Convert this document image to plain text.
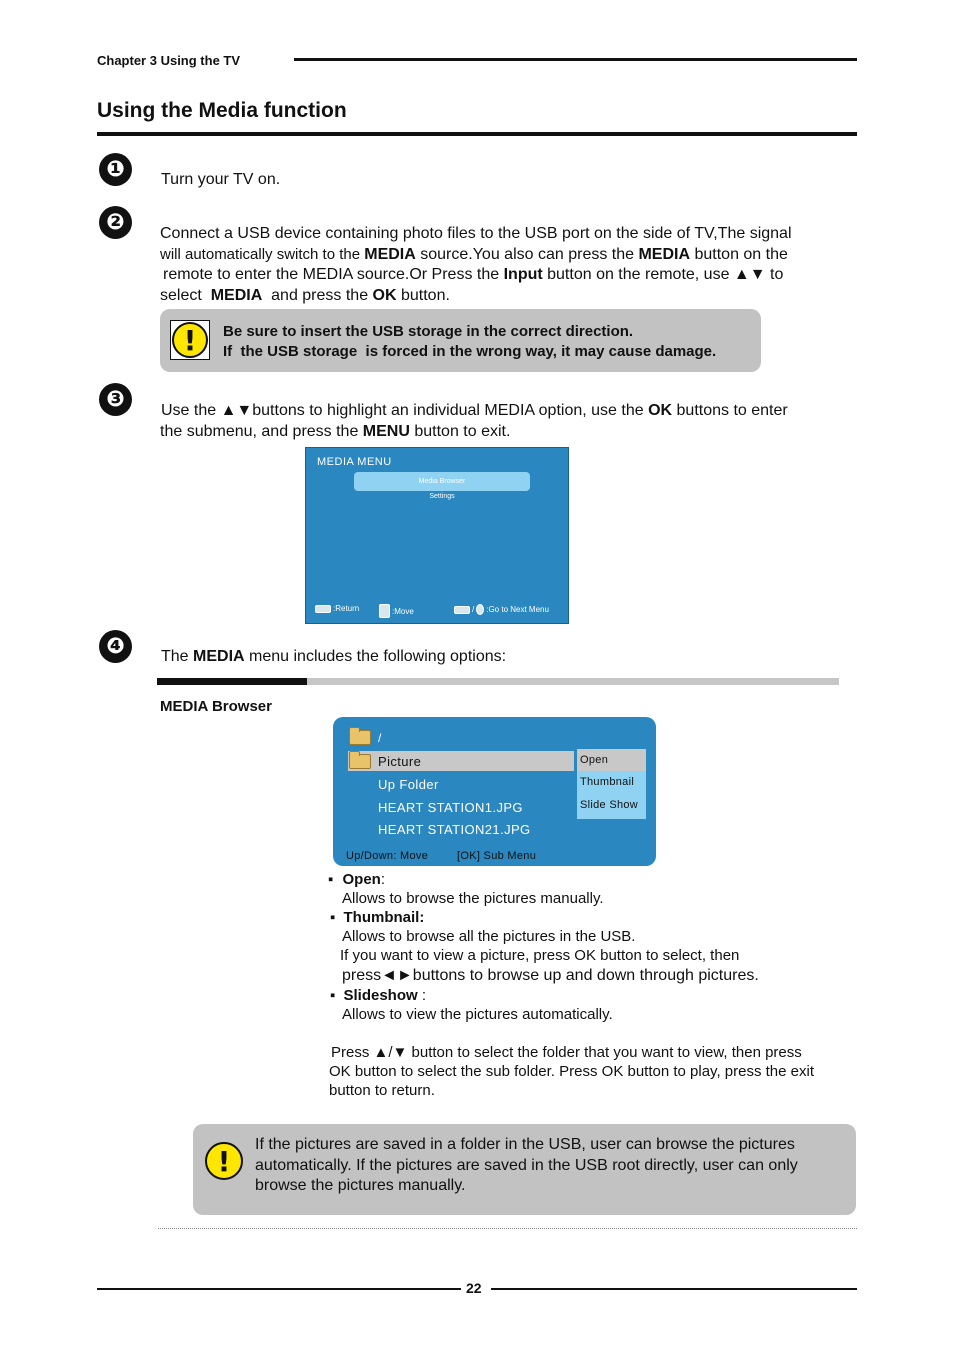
Chapter 3 Using the TV
Using the Media function
❶	Turn your TV on.
❷	Connect a USB device containing photo files to the USB port on the side of TV,The signal
will automatically switch to the MEDIA source.You also can press the MEDIA button on the
remote to enter the MEDIA source.Or Press the Input button on the remote, use ▲▼ to
select  MEDIA  and press the OK button.
!	Be sure to insert the USB storage in the correct direction.
If  the USB storage  is forced in the wrong way, it may cause damage.
❸	Use the ▲▼buttons to highlight an individual MEDIA option, use the OK buttons to enter
the submenu, and press the MENU button to exit.
MEDIA MENU
Media Browser
Settings
:Return	:Move	/ :Go to Next Menu
❹	The MEDIA menu includes the following options:
MEDIA Browser
/
Picture
Up Folder
HEART STATION1.JPG
HEART STATION21.JPG
Open
Thumbnail
Slide Show
Up/Down: Move	[OK] Sub Menu
▪ Open:
Allows to browse the pictures manually.
▪ Thumbnail:
Allows to browse all the pictures in the USB.
If you want to view a picture, press OK button to select, then
press◄►buttons to browse up and down through pictures.
▪ Slideshow :
Allows to view the pictures automatically.
Press ▲/▼ button to select the folder that you want to view, then press
OK button to select the sub folder. Press OK button to play, press the exit
button to return.
!	If the pictures are saved in a folder in the USB, user can browse the pictures
automatically. If the pictures are saved in the USB root directly, user can only
browse the pictures manually.
22
